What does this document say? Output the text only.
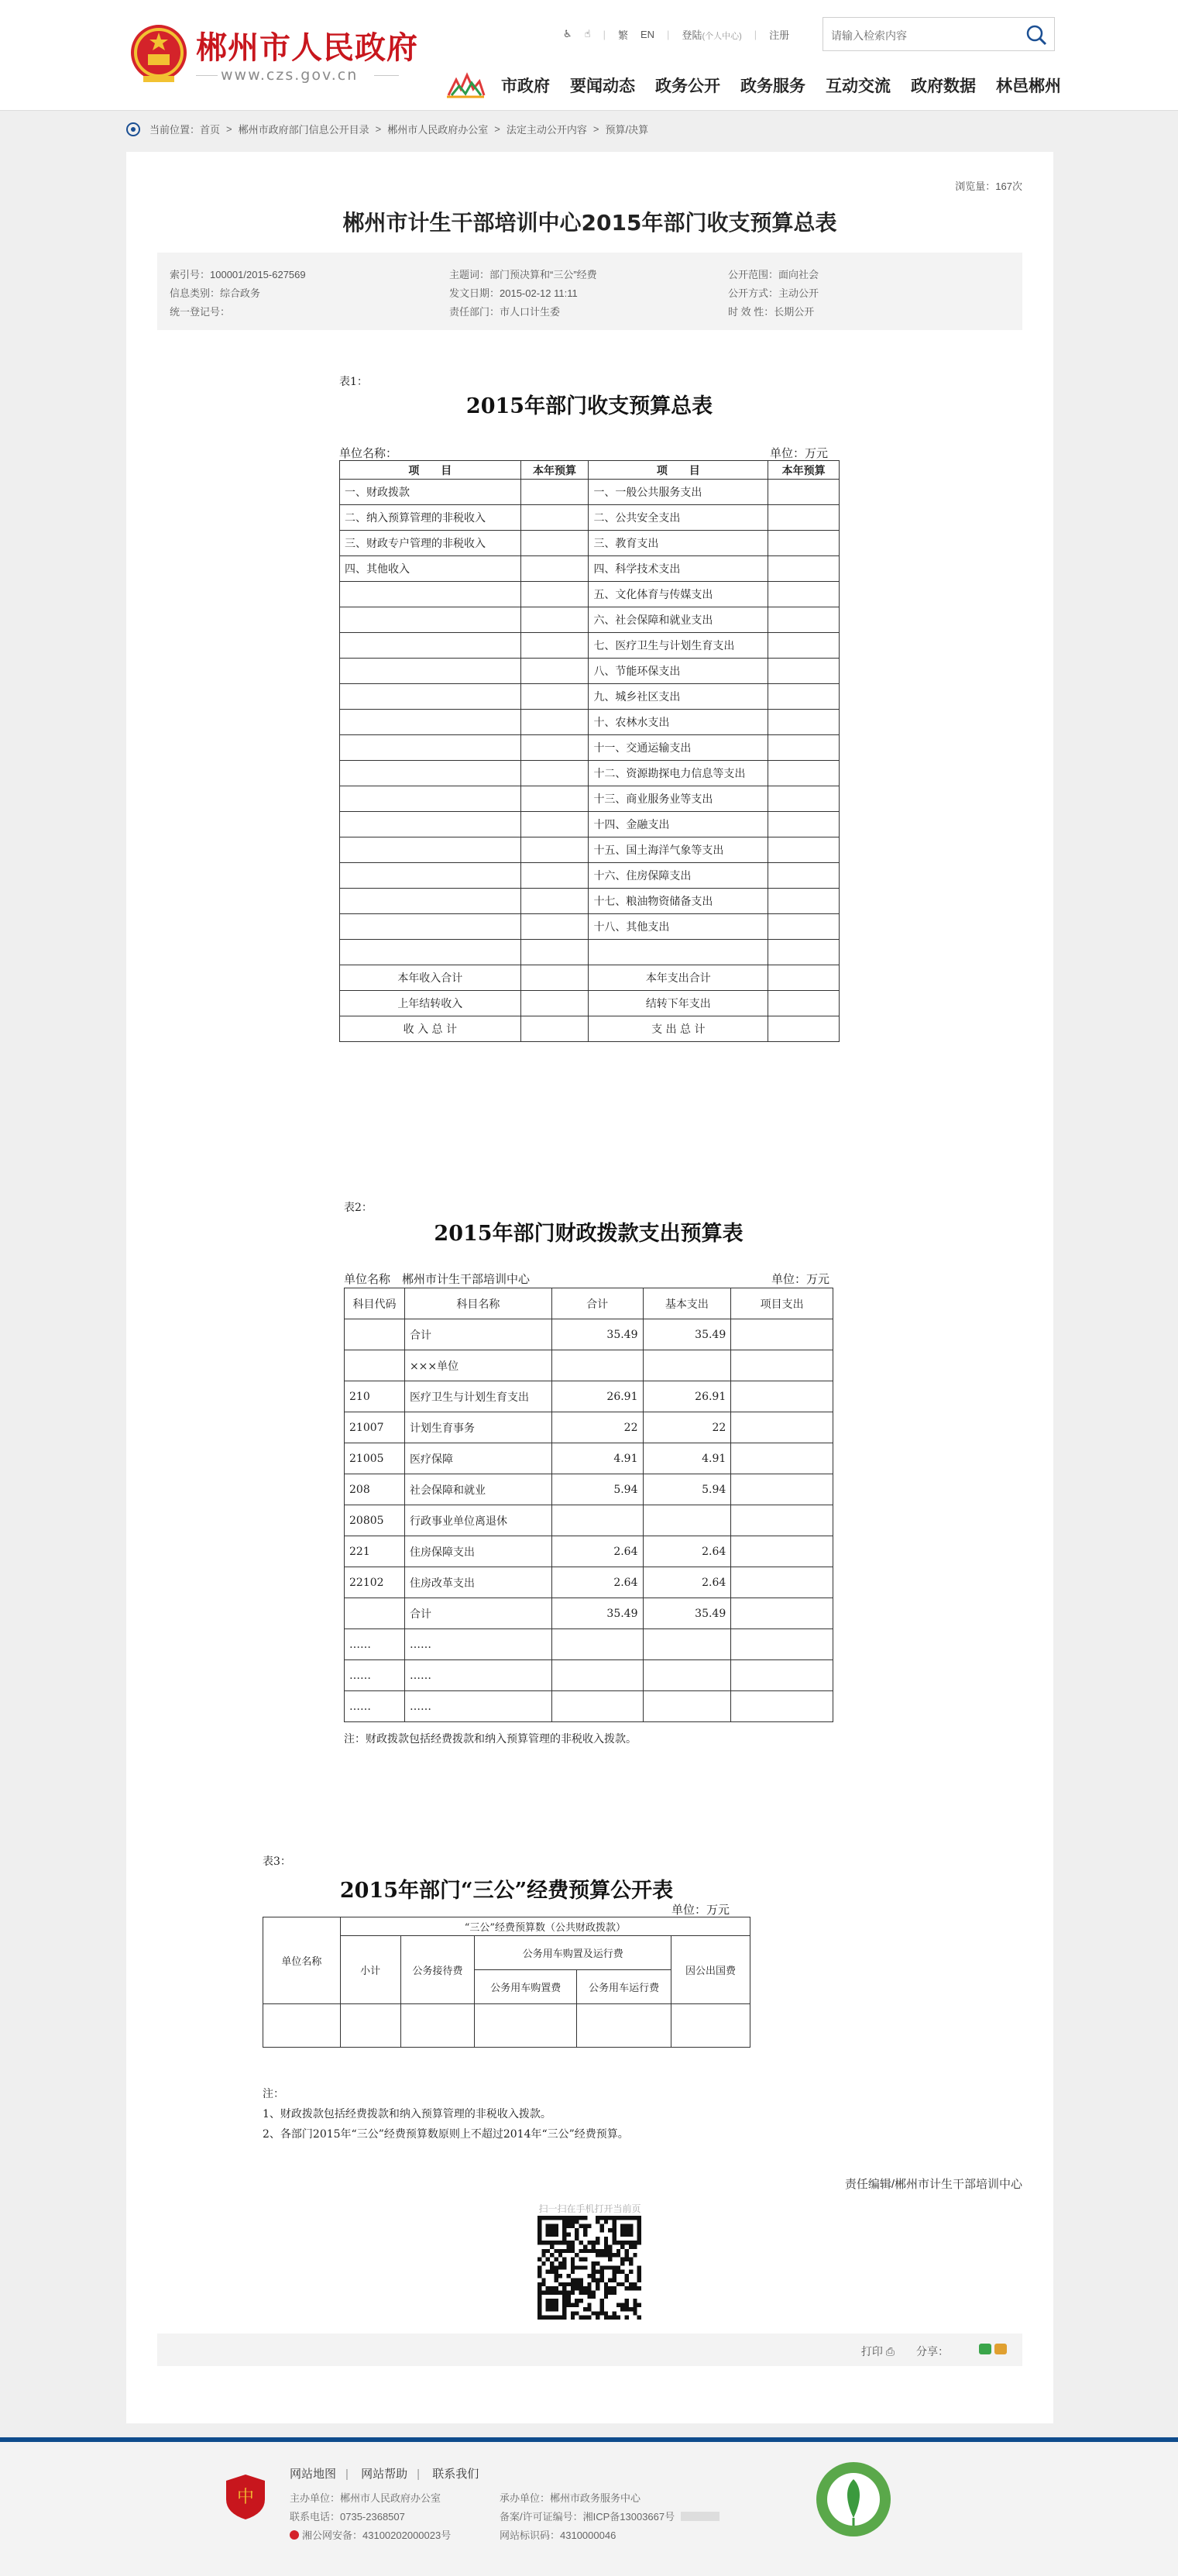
郴州市人民政府
www.czs.gov.cn
♿ ☝ | 繁 EN | 登陆(个人中心) | 注册	请输入检索内容
市政府 要闻动态 政务公开 政务服务 互动交流 政府数据 林邑郴州
当前位置： 首页 > 郴州市政府部门信息公开目录 > 郴州市人民政府办公室 > 法定主动公开内容 > 预算/决算
浏览量：167次
郴州市计生干部培训中心2015年部门收支预算总表
索引号：100001/2015-627569
信息类别：综合政务
统一登记号：
主题词：部门预决算和“三公”经费
发文日期：2015-02-12 11:11
责任部门：市人口计生委
公开范围：面向社会
公开方式：主动公开
时 效 性：长期公开
表1：
2015年部门收支预算总表
单位名称：	单位：万元
项　　目	本年预算	项　　目	本年预算
一、财政拨款		一、一般公共服务支出	
二、纳入预算管理的非税收入		二、公共安全支出	
三、财政专户管理的非税收入		三、教育支出	
四、其他收入		四、科学技术支出	
		五、文化体育与传媒支出	
		六、社会保障和就业支出	
		七、医疗卫生与计划生育支出	
		八、节能环保支出	
		九、城乡社区支出	
		十、农林水支出	
		十一、交通运输支出	
		十二、资源勘探电力信息等支出	
		十三、商业服务业等支出	
		十四、金融支出	
		十五、国土海洋气象等支出	
		十六、住房保障支出	
		十七、粮油物资储备支出	
		十八、其他支出	

本年收入合计		本年支出合计	
上年结转收入		结转下年支出	
收 入 总 计		支 出 总 计	
表2：
2015年部门财政拨款支出预算表
单位名称　郴州市计生干部培训中心	单位：万元
科目代码	科目名称	合计	基本支出	项目支出
	合计	35.49	35.49	
	×××单位			
210	医疗卫生与计划生育支出	26.91	26.91	
21007	计划生育事务	22	22	
21005	医疗保障	4.91	4.91	
208	社会保障和就业	5.94	5.94	
20805	行政事业单位离退休			
221	住房保障支出	2.64	2.64	
22102	住房改革支出	2.64	2.64	
	合计	35.49	35.49	
……	……			
……	……			
……	……			
注：财政拨款包括经费拨款和纳入预算管理的非税收入拨款。
表3：
2015年部门“三公”经费预算公开表
单位：万元
单位名称	“三公”经费预算数（公共财政拨款）				
	小计	公务接待费	公务用车购置及运行费		因公出国费
			公务用车购置费	公务用车运行费	

注：
1、财政拨款包括经费拨款和纳入预算管理的非税收入拨款。
2、各部门2015年“三公”经费预算数原则上不超过2014年“三公”经费预算。
责任编辑/郴州市计生干部培训中心
扫一扫在手机打开当前页
打印 ⎙ 分享：
中
网站地图 | 网站帮助 | 联系我们
主办单位：郴州市人民政府办公室
联系电话：0735-2368507
湘公网安备：43100202000023号
承办单位：郴州市政务服务中心
备案/许可证编号：湘ICP备13003667号
网站标识码：4310000046
